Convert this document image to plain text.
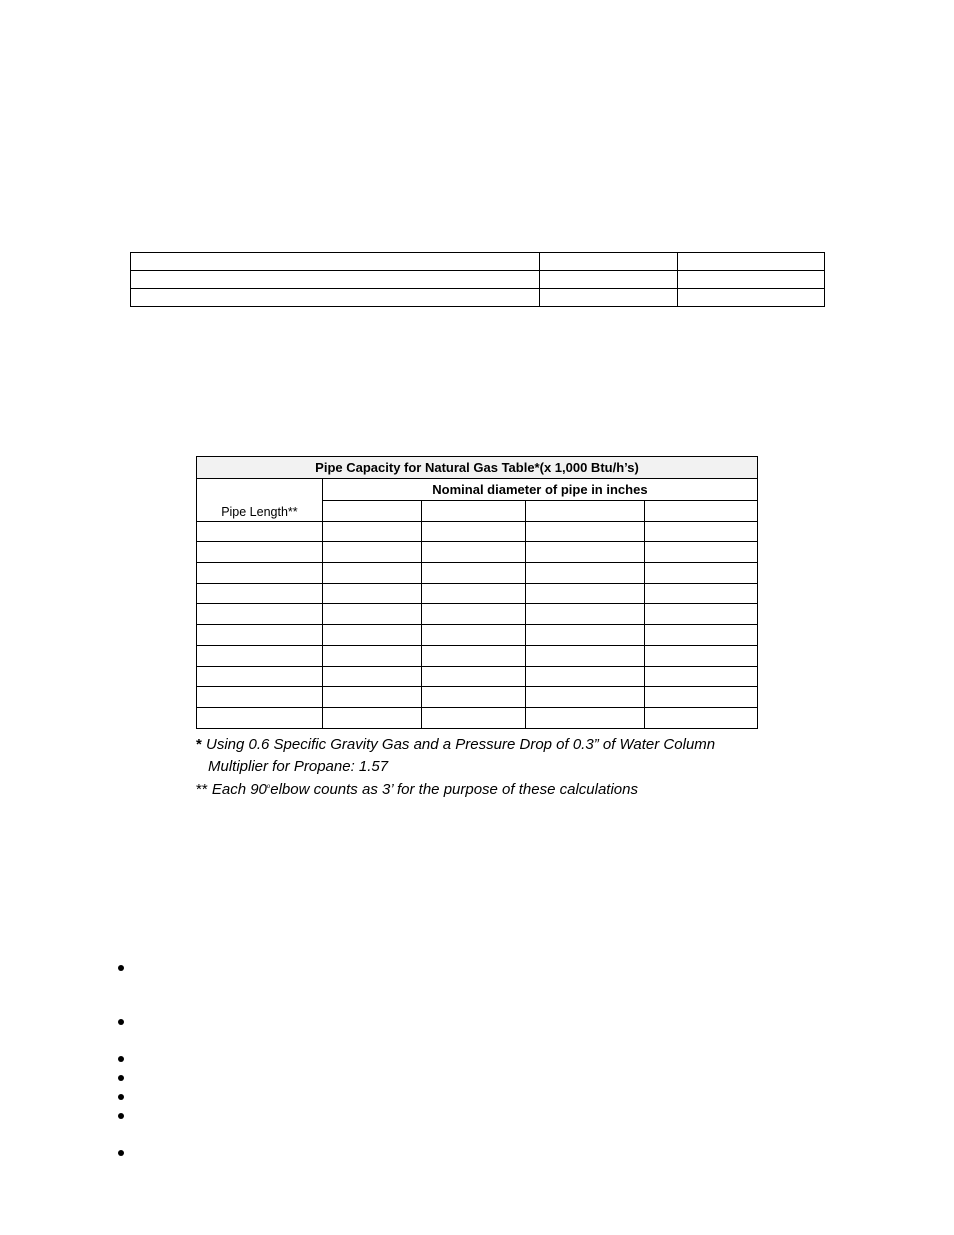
Pipe Capacity for Natural Gas Table*(x 1,000 Btu/h’s)				
Pipe Length**	Nominal diameter of pipe in inches			

* Using 0.6 Specific Gravity Gas and a Pressure Drop of 0.3” of Water Column
Multiplier for Propane: 1.57
** Each 90$^o$elbow counts as 3’ for the purpose of these calculations
